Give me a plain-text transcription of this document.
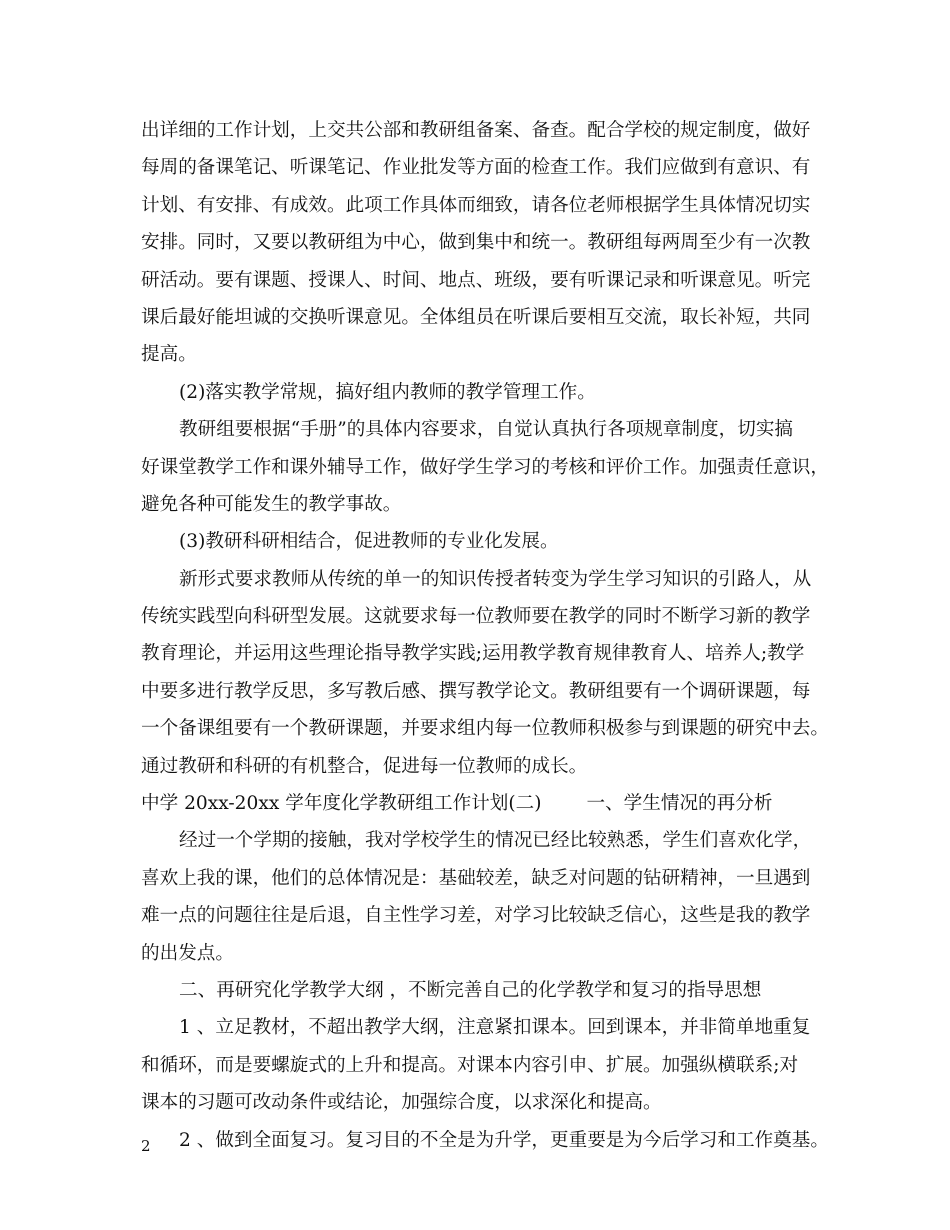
出详细的工作计划，上交共公部和教研组备案、备查。配合学校的规定制度，做好
每周的备课笔记、听课笔记、作业批发等方面的检查工作。我们应做到有意识、有
计划、有安排、有成效。此项工作具体而细致，请各位老师根据学生具体情况切实
安排。同时，又要以教研组为中心，做到集中和统一。教研组每两周至少有一次教
研活动。要有课题、授课人、时间、地点、班级，要有听课记录和听课意见。听完
课后最好能坦诚的交换听课意见。全体组员在听课后要相互交流，取长补短，共同
提高。
(2)落实教学常规，搞好组内教师的教学管理工作。
教研组要根据“手册”的具体内容要求，自觉认真执行各项规章制度，切实搞
好课堂教学工作和课外辅导工作，做好学生学习的考核和评价工作。加强责任意识，
避免各种可能发生的教学事故。
(3)教研科研相结合，促进教师的专业化发展。
新形式要求教师从传统的单一的知识传授者转变为学生学习知识的引路人，从
传统实践型向科研型发展。这就要求每一位教师要在教学的同时不断学习新的教学
教育理论，并运用这些理论指导教学实践;运用教学教育规律教育人、培养人;教学
中要多进行教学反思，多写教后感、撰写教学论文。教研组要有一个调研课题，每
一个备课组要有一个教研课题，并要求组内每一位教师积极参与到课题的研究中去。
通过教研和科研的有机整合，促进每一位教师的成长。
中学 20xx-20xx 学年度化学教研组工作计划(二) 一、学生情况的再分析
经过一个学期的接触，我对学校学生的情况已经比较熟悉，学生们喜欢化学，
喜欢上我的课，他们的总体情况是：基础较差，缺乏对问题的钻研精神，一旦遇到
难一点的问题往往是后退，自主性学习差，对学习比较缺乏信心，这些是我的教学
的出发点。
二、再研究化学教学大纲 ，不断完善自己的化学教学和复习的指导思想
1 、立足教材，不超出教学大纲，注意紧扣课本。回到课本，并非简单地重复
和循环，而是要螺旋式的上升和提高。对课本内容引申、扩展。加强纵横联系;对
课本的习题可改动条件或结论，加强综合度，以求深化和提高。
2 、做到全面复习。复习目的不全是为升学，更重要是为今后学习和工作奠基。
2
